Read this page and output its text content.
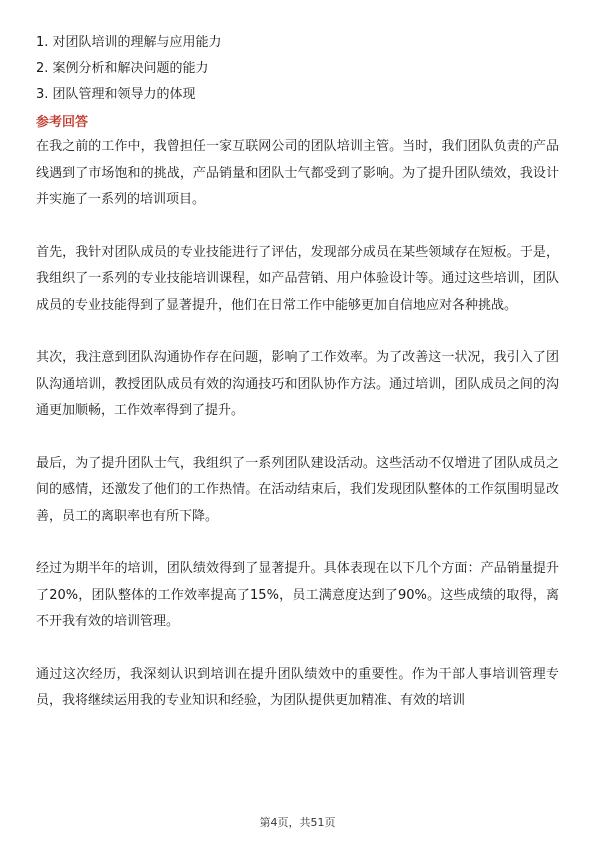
1. 对团队培训的理解与应用能力
2. 案例分析和解决问题的能力
3. 团队管理和领导力的体现
参考回答

在我之前的工作中，我曾担任一家互联网公司的团队培训主管。当时，我们团队负责的产品线遇到了市场饱和的挑战，产品销量和团队士气都受到了影响。为了提升团队绩效，我设计并实施了一系列的培训项目。

首先，我针对团队成员的专业技能进行了评估，发现部分成员在某些领域存在短板。于是，我组织了一系列的专业技能培训课程，如产品营销、用户体验设计等。通过这些培训，团队成员的专业技能得到了显著提升，他们在日常工作中能够更加自信地应对各种挑战。

其次，我注意到团队沟通协作存在问题，影响了工作效率。为了改善这一状况，我引入了团队沟通培训，教授团队成员有效的沟通技巧和团队协作方法。通过培训，团队成员之间的沟通更加顺畅，工作效率得到了提升。

最后，为了提升团队士气，我组织了一系列团队建设活动。这些活动不仅增进了团队成员之间的感情，还激发了他们的工作热情。在活动结束后，我们发现团队整体的工作氛围明显改善，员工的离职率也有所下降。

经过为期半年的培训，团队绩效得到了显著提升。具体表现在以下几个方面：产品销量提升了20%，团队整体的工作效率提高了15%，员工满意度达到了90%。这些成绩的取得，离不开我有效的培训管理。

通过这次经历，我深刻认识到培训在提升团队绩效中的重要性。作为干部人事培训管理专员，我将继续运用我的专业知识和经验，为团队提供更加精准、有效的培训

第4页，共51页
